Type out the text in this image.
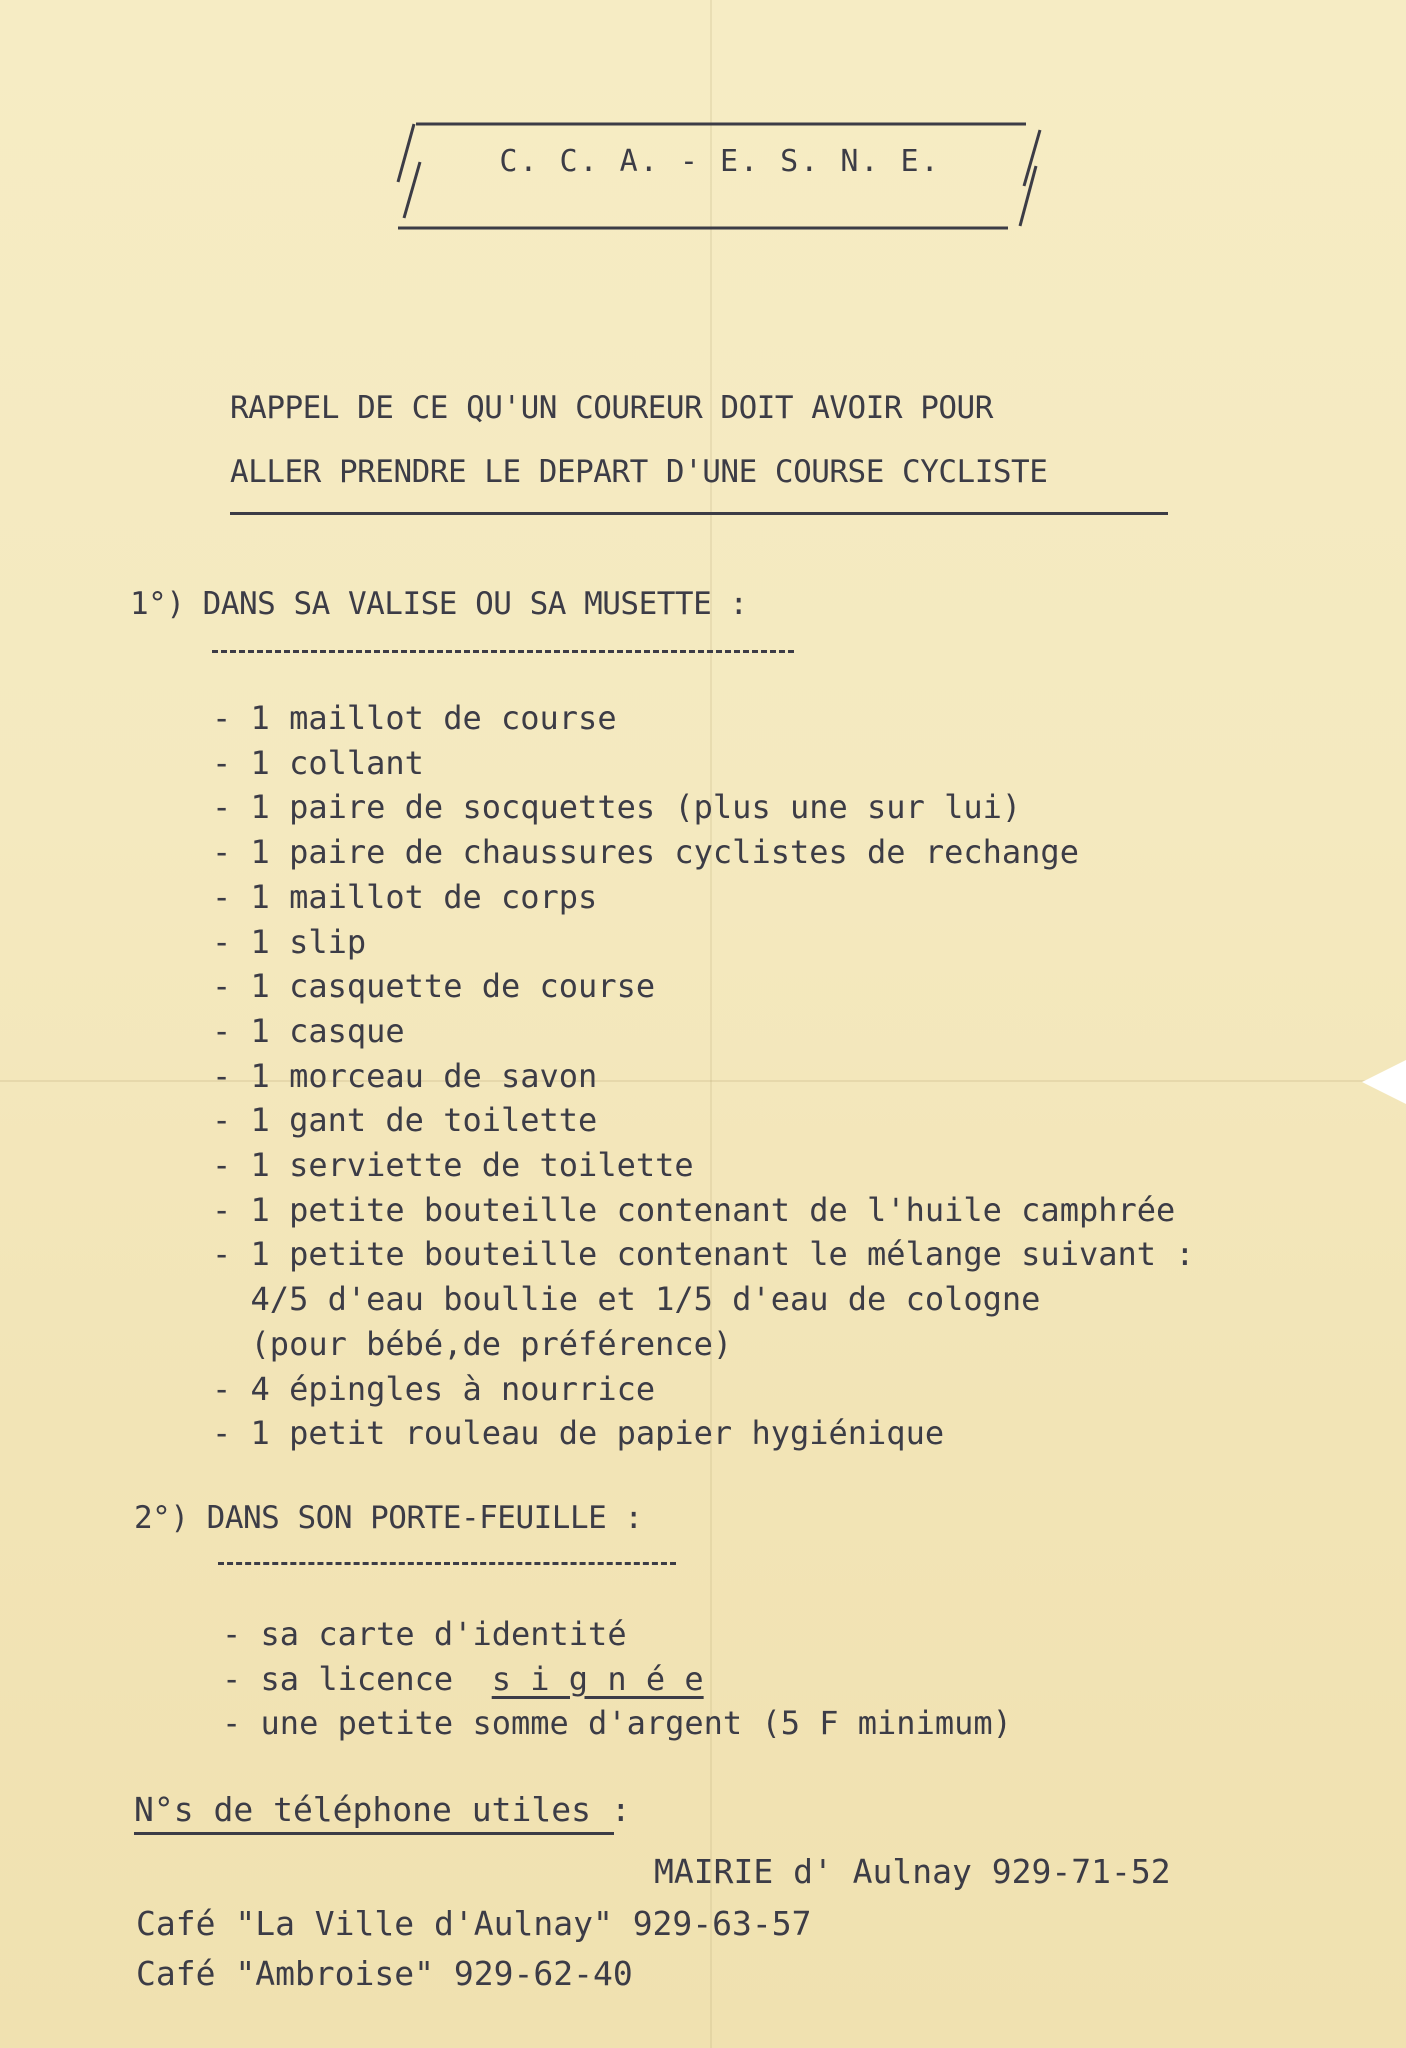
C. C. A. - E. S. N. E.
RAPPEL DE CE QU'UN COUREUR DOIT AVOIR POUR
ALLER PRENDRE LE DEPART D'UNE COURSE CYCLISTE
1°) DANS SA VALISE OU SA MUSETTE :
- 1 maillot de course
- 1 collant
- 1 paire de socquettes (plus une sur lui)
- 1 paire de chaussures cyclistes de rechange
- 1 maillot de corps
- 1 slip
- 1 casquette de course
- 1 casque
- 1 morceau de savon
- 1 gant de toilette
- 1 serviette de toilette
- 1 petite bouteille contenant de l'huile camphrée
- 1 petite bouteille contenant le mélange suivant :
4/5 d'eau boullie et 1/5 d'eau de cologne
(pour bébé,de préférence)
- 4 épingles à nourrice
- 1 petit rouleau de papier hygiénique
2°) DANS SON PORTE-FEUILLE :
- sa carte d'identité
- sa licence s i g n é e
- une petite somme d'argent (5 F minimum)
N°s de téléphone utiles :
MAIRIE d' Aulnay 929-71-52
Café "La Ville d'Aulnay" 929-63-57
Café "Ambroise" 929-62-40
